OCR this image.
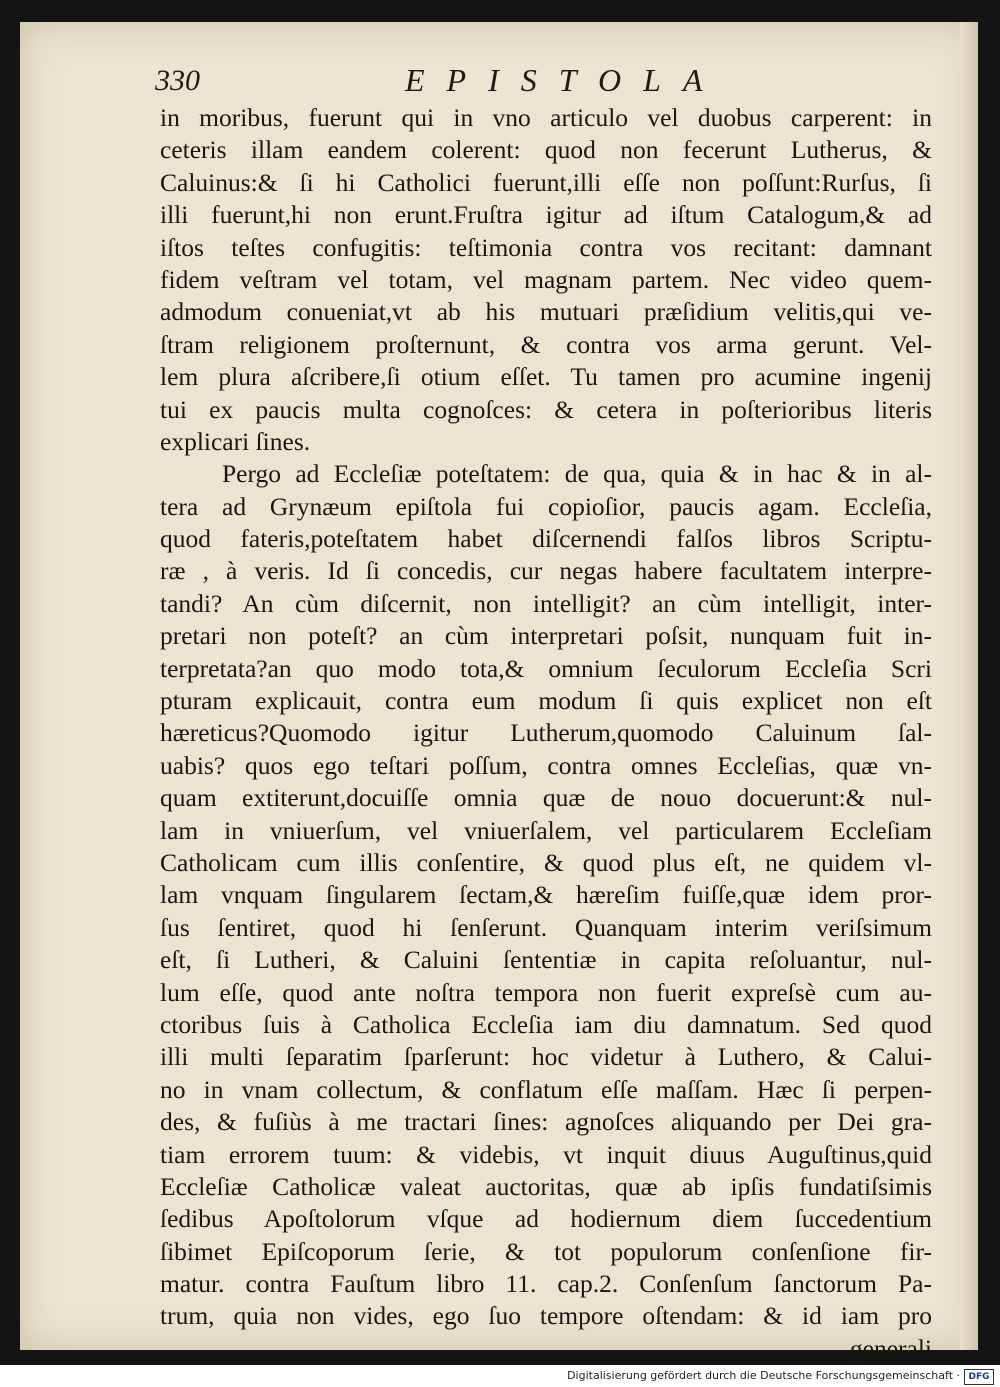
330	EPISTOLA
in moribus, fuerunt qui in vno articulo vel duobus carperent: in
ceteris illam eandem colerent: quod non fecerunt Lutherus, &
Caluinus:& ſi hi Catholici fuerunt,illi eſſe non poſſunt:Rurſus, ſi
illi fuerunt,hi non erunt.Fruſtra igitur ad iſtum Catalogum,& ad
iſtos teſtes confugitis: teſtimonia contra vos recitant: damnant
fidem veſtram vel totam, vel magnam partem. Nec video quem-
admodum conueniat,vt ab his mutuari præſidium velitis,qui ve-
ſtram religionem proſternunt, & contra vos arma gerunt. Vel-
lem plura aſcribere,ſi otium eſſet. Tu tamen pro acumine ingenij
tui ex paucis multa cognoſces: & cetera in poſterioribus literis
explicari ſines.
Pergo ad Eccleſiæ poteſtatem: de qua, quia & in hac & in al-
tera ad Grynæum epiſtola fui copioſior, paucis agam. Eccleſia,
quod fateris,poteſtatem habet diſcernendi falſos libros Scriptu-
ræ , à veris. Id ſi concedis, cur negas habere facultatem interpre-
tandi? An cùm diſcernit, non intelligit? an cùm intelligit, inter-
pretari non poteſt? an cùm interpretari poſsit, nunquam fuit in-
terpretata?an quo modo tota,& omnium ſeculorum Eccleſia Scri
pturam explicauit, contra eum modum ſi quis explicet non eſt
hæreticus?Quomodo igitur Lutherum,quomodo Caluinum ſal-
uabis? quos ego teſtari poſſum, contra omnes Eccleſias, quæ vn-
quam extiterunt,docuiſſe omnia quæ de nouo docuerunt:& nul-
lam in vniuerſum, vel vniuerſalem, vel particularem Eccleſiam
Catholicam cum illis conſentire, & quod plus eſt, ne quidem vl-
lam vnquam ſingularem ſectam,& hæreſim fuiſſe,quæ idem pror-
ſus ſentiret, quod hi ſenſerunt. Quanquam interim veriſsimum
eſt, ſi Lutheri, & Caluini ſententiæ in capita reſoluantur, nul-
lum eſſe, quod ante noſtra tempora non fuerit expreſsè cum au-
ctoribus ſuis à Catholica Eccleſia iam diu damnatum. Sed quod
illi multi ſeparatim ſparſerunt: hoc videtur à Luthero, & Calui-
no in vnam collectum, & conflatum eſſe maſſam. Hæc ſi perpen-
des, & fuſiùs à me tractari ſines: agnoſces aliquando per Dei gra-
tiam errorem tuum: & videbis, vt inquit diuus Auguſtinus,quid
Eccleſiæ Catholicæ valeat auctoritas, quæ ab ipſis fundatiſsimis
ſedibus Apoſtolorum vſque ad hodiernum diem ſuccedentium
ſibimet Epiſcoporum ſerie, & tot populorum conſenſione fir-
matur. contra Fauſtum libro 11. cap.2. Conſenſum ſanctorum Pa-
trum, quia non vides, ego ſuo tempore oſtendam: & id iam pro
generali
Digitalisierung gefördert durch die Deutsche Forschungsgemeinschaft · DFG
